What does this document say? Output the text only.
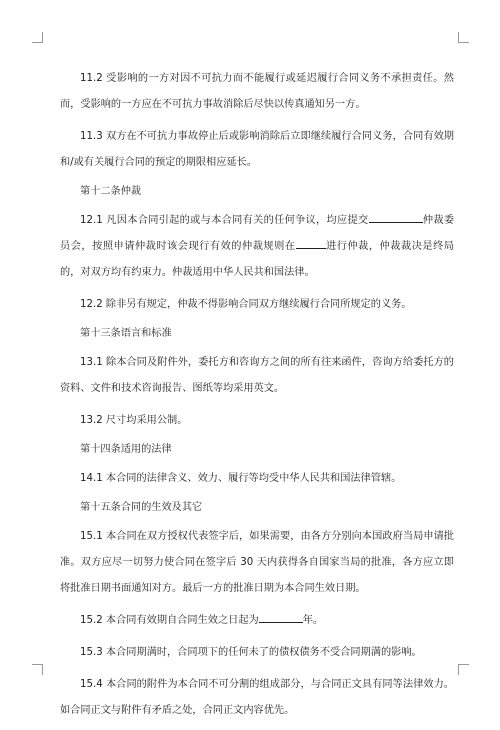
11.2 受影响的一方对因不可抗力而不能履行或延迟履行合同义务不承担责任。然而，受影响的一方应在不可抗力事故消除后尽快以传真通知另一方。

11.3 双方在不可抗力事故停止后或影响消除后立即继续履行合同义务，合同有效期和/或有关履行合同的预定的期限相应延长。

第十二条仲裁

12.1 凡因本合同引起的或与本合同有关的任何争议，均应提交	仲裁委员会，按照申请仲裁时该会现行有效的仲裁规则在	进行仲裁，仲裁裁决是终局的，对双方均有约束力。仲裁适用中华人民共和国法律。

12.2 除非另有规定，仲裁不得影响合同双方继续履行合同所规定的义务。

第十三条语言和标准

13.1 除本合同及附件外，委托方和咨询方之间的所有往来函件，咨询方给委托方的资料、文件和技术咨询报告、图纸等均采用英文。

13.2 尺寸均采用公制。

第十四条适用的法律

14.1 本合同的法律含义、效力、履行等均受中华人民共和国法律管辖。

第十五条合同的生效及其它

15.1 本合同在双方授权代表签字后，如果需要，由各方分别向本国政府当局申请批准。双方应尽一切努力使合同在签字后 30 天内获得各自国家当局的批准，各方应立即将批准日期书面通知对方。最后一方的批准日期为本合同生效日期。

15.2 本合同有效期自合同生效之日起为	年。

15.3 本合同期满时，合同项下的任何未了的债权债务不受合同期满的影响。

15.4 本合同的附件为本合同不可分割的组成部分，与合同正文具有同等法律效力。如合同正文与附件有矛盾之处，合同正文内容优先。
